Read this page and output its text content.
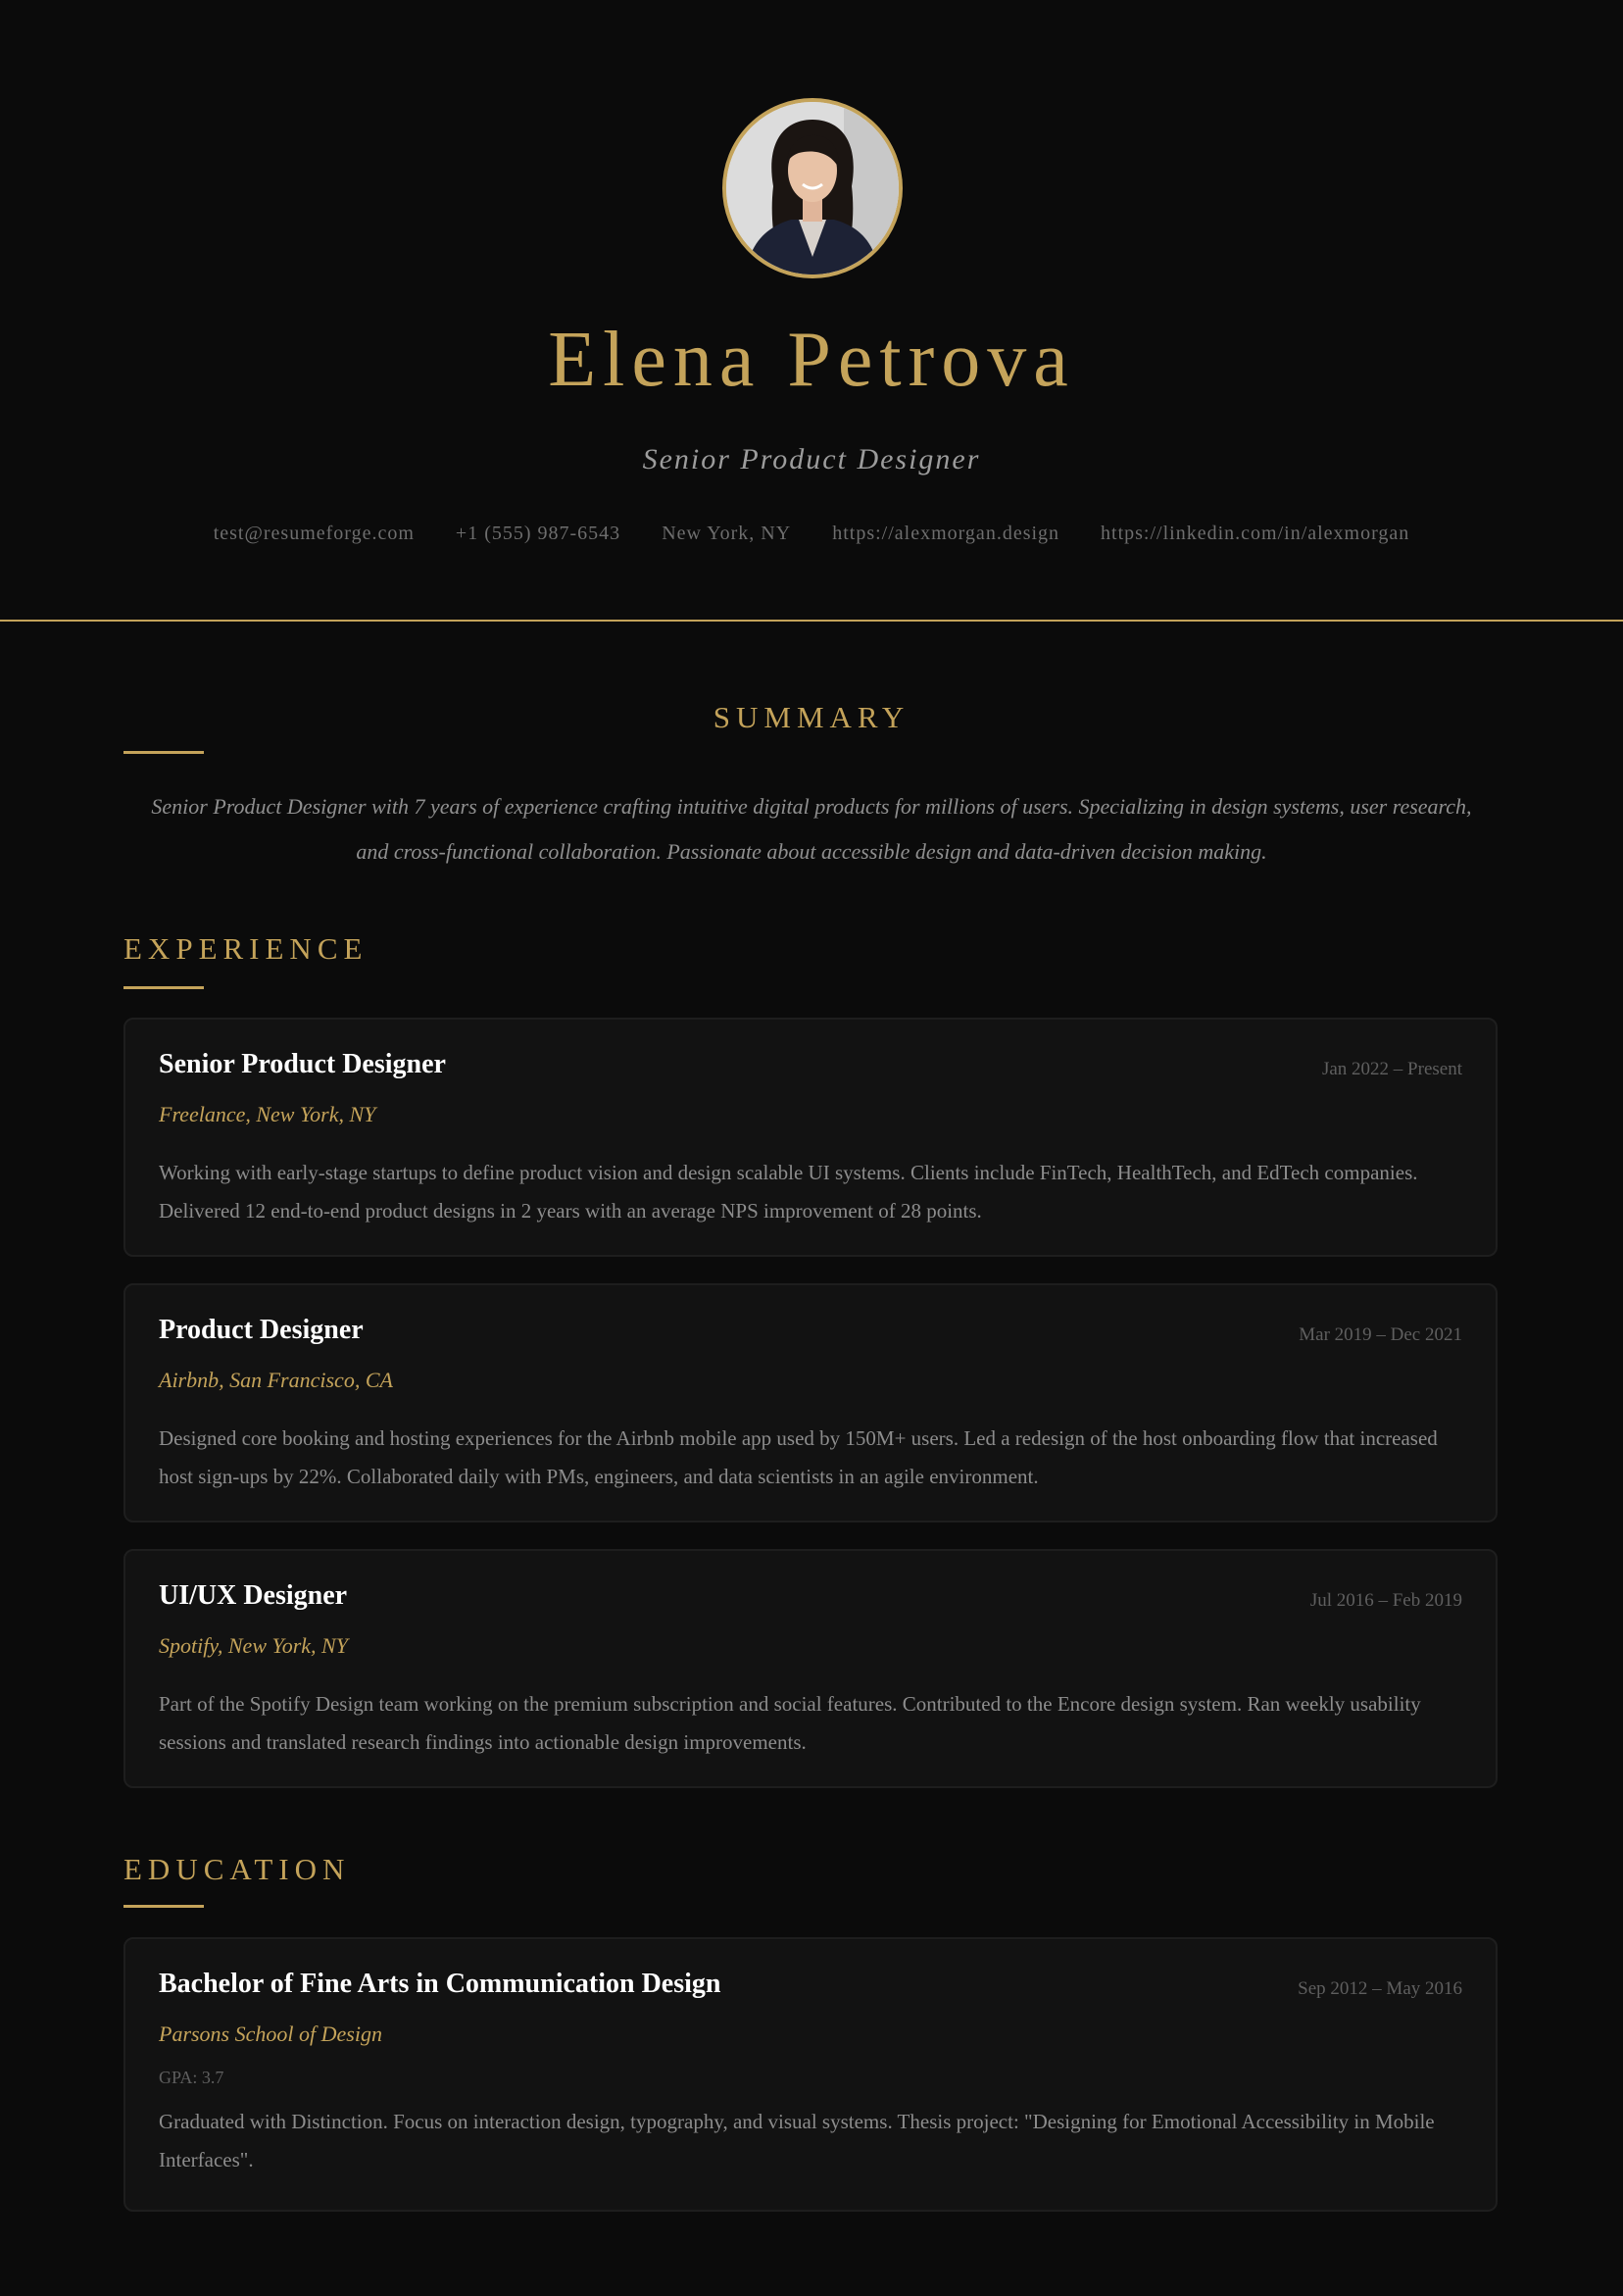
Elena Petrova
Senior Product Designer
test@resumeforge.com +1 (555) 987-6543 New York, NY https://alexmorgan.design https://linkedin.com/in/alexmorgan
SUMMARY
Senior Product Designer with 7 years of experience crafting intuitive digital products for millions of users. Specializing in design systems, user research, and cross-functional collaboration. Passionate about accessible design and data-driven decision making.
EXPERIENCE
Senior Product Designer	Jan 2022 – Present
Freelance, New York, NY
Working with early-stage startups to define product vision and design scalable UI systems. Clients include FinTech, HealthTech, and EdTech companies. Delivered 12 end-to-end product designs in 2 years with an average NPS improvement of 28 points.
Product Designer	Mar 2019 – Dec 2021
Airbnb, San Francisco, CA
Designed core booking and hosting experiences for the Airbnb mobile app used by 150M+ users. Led a redesign of the host onboarding flow that increased host sign-ups by 22%. Collaborated daily with PMs, engineers, and data scientists in an agile environment.
UI/UX Designer	Jul 2016 – Feb 2019
Spotify, New York, NY
Part of the Spotify Design team working on the premium subscription and social features. Contributed to the Encore design system. Ran weekly usability sessions and translated research findings into actionable design improvements.
EDUCATION
Bachelor of Fine Arts in Communication Design	Sep 2012 – May 2016
Parsons School of Design
GPA: 3.7
Graduated with Distinction. Focus on interaction design, typography, and visual systems. Thesis project: "Designing for Emotional Accessibility in Mobile Interfaces".
